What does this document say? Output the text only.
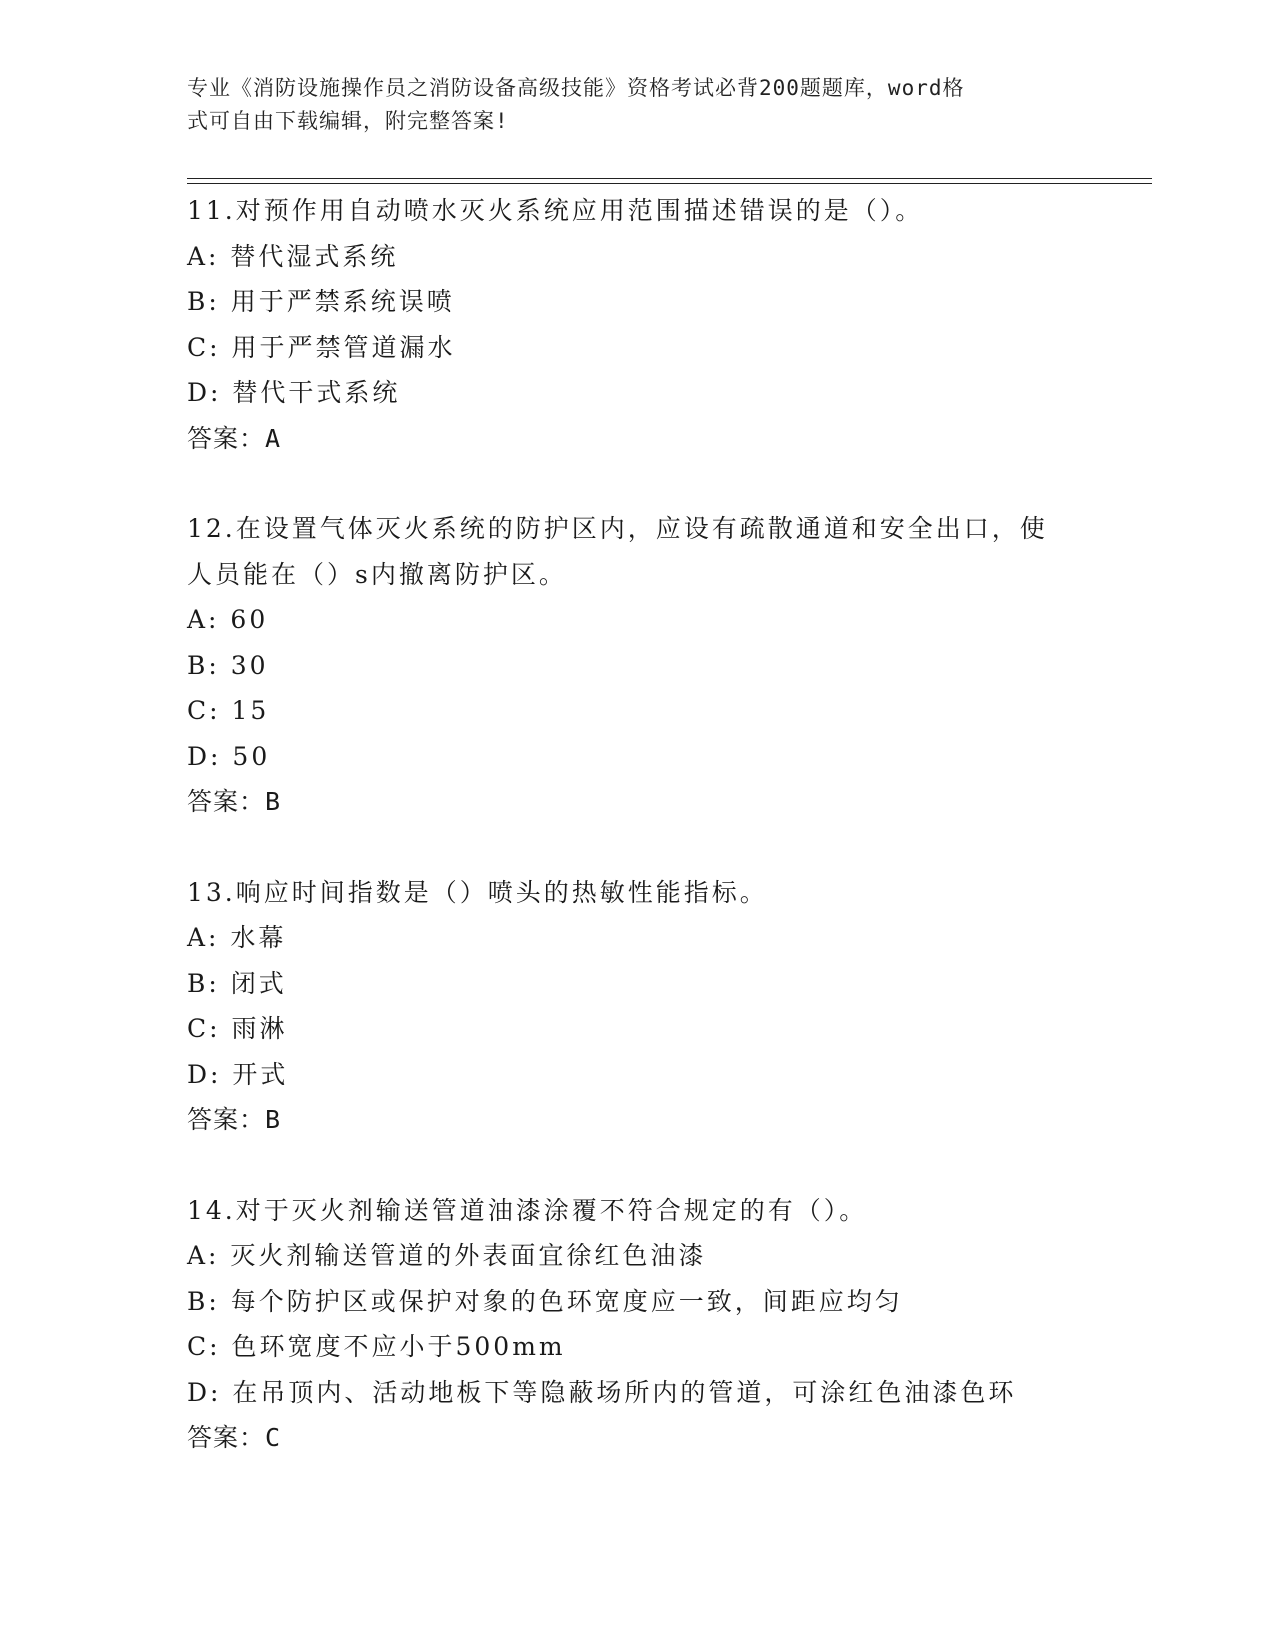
专业《消防设施操作员之消防设备高级技能》资格考试必背200题题库，word格
式可自由下载编辑，附完整答案!
11.对预作用自动喷水灭火系统应用范围描述错误的是（）。
A: 替代湿式系统
B: 用于严禁系统误喷
C: 用于严禁管道漏水
D: 替代干式系统
答案：A
12.在设置气体灭火系统的防护区内，应设有疏散通道和安全出口，使
人员能在（）s内撤离防护区。
A: 60
B: 30
C: 15
D: 50
答案：B
13.响应时间指数是（）喷头的热敏性能指标。
A: 水幕
B: 闭式
C: 雨淋
D: 开式
答案：B
14.对于灭火剂输送管道油漆涂覆不符合规定的有（）。
A: 灭火剂输送管道的外表面宜徐红色油漆
B: 每个防护区或保护对象的色环宽度应一致，间距应均匀
C: 色环宽度不应小于500mm
D: 在吊顶内、活动地板下等隐蔽场所内的管道，可涂红色油漆色环
答案：C
